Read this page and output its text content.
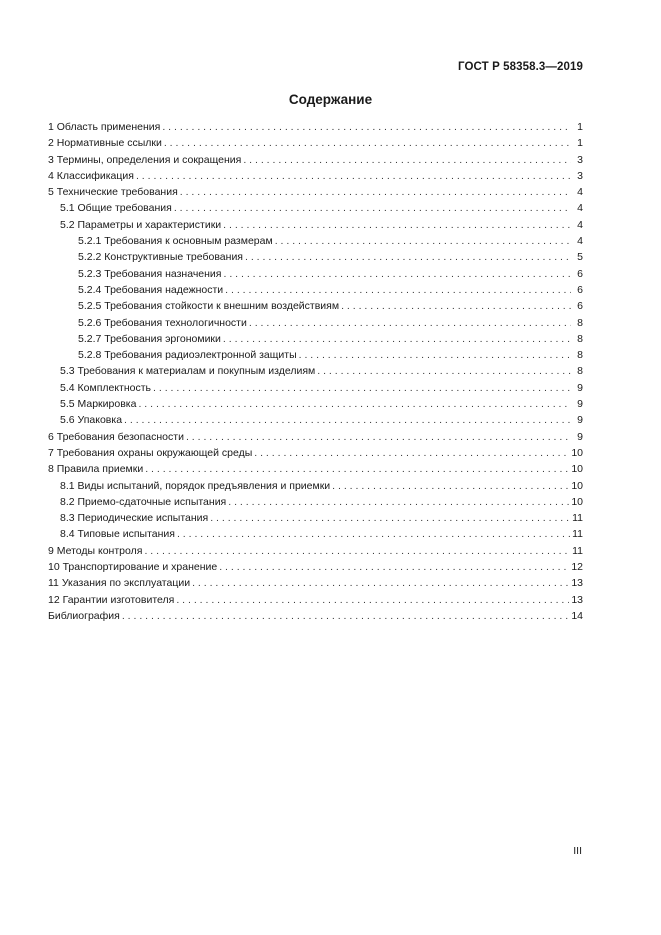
ГОСТ Р 58358.3—2019
Содержание
1 Область применения . . .	1
2 Нормативные ссылки . . .	1
3 Термины, определения и сокращения . . .	3
4 Классификация . . .	3
5 Технические требования . . .	4
5.1 Общие требования . . .	4
5.2 Параметры и характеристики . . .	4
5.2.1 Требования к основным размерам . . .	4
5.2.2 Конструктивные требования . . .	5
5.2.3 Требования назначения . . .	6
5.2.4 Требования надежности . . .	6
5.2.5 Требования стойкости к внешним воздействиям . . .	6
5.2.6 Требования технологичности . . .	8
5.2.7 Требования эргономики . . .	8
5.2.8 Требования радиоэлектронной защиты . . .	8
5.3 Требования к материалам и покупным изделиям . . .	8
5.4 Комплектность . . .	9
5.5 Маркировка . . .	9
5.6 Упаковка . . .	9
6 Требования безопасности . . .	9
7 Требования охраны окружающей среды . . .	10
8 Правила приемки . . .	10
8.1 Виды испытаний, порядок предъявления и приемки . . .	10
8.2 Приемо-сдаточные испытания . . .	10
8.3 Периодические испытания . . .	11
8.4 Типовые испытания . . .	11
9 Методы контроля . . .	11
10 Транспортирование и хранение . . .	12
11 Указания по эксплуатации . . .	13
12 Гарантии изготовителя . . .	13
Библиография . . .	14
III
